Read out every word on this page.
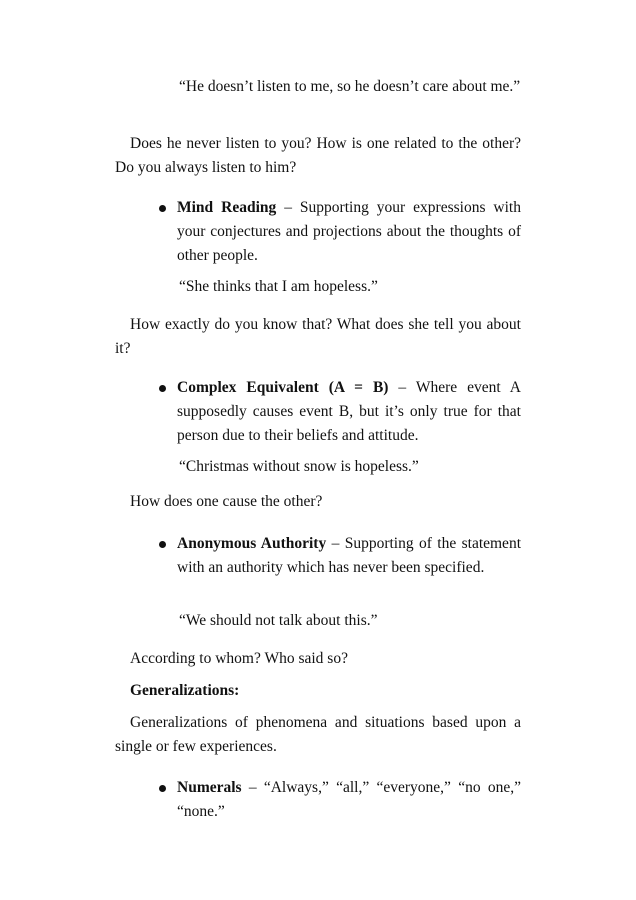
“He doesn’t listen to me, so he doesn’t care about me.”
Does he never listen to you? How is one related to the other? Do you always listen to him?
Mind Reading – Supporting your expressions with your conjectures and projections about the thoughts of other people.
“She thinks that I am hopeless.”
How exactly do you know that? What does she tell you about it?
Complex Equivalent (A = B) – Where event A supposedly causes event B, but it’s only true for that person due to their beliefs and attitude.
“Christmas without snow is hopeless.”
How does one cause the other?
Anonymous Authority – Supporting of the statement with an authority which has never been specified.
“We should not talk about this.”
According to whom? Who said so?
Generalizations:
Generalizations of phenomena and situations based upon a single or few experiences.
Numerals – “Always,” “all,” “everyone,” “no one,” “none.”
